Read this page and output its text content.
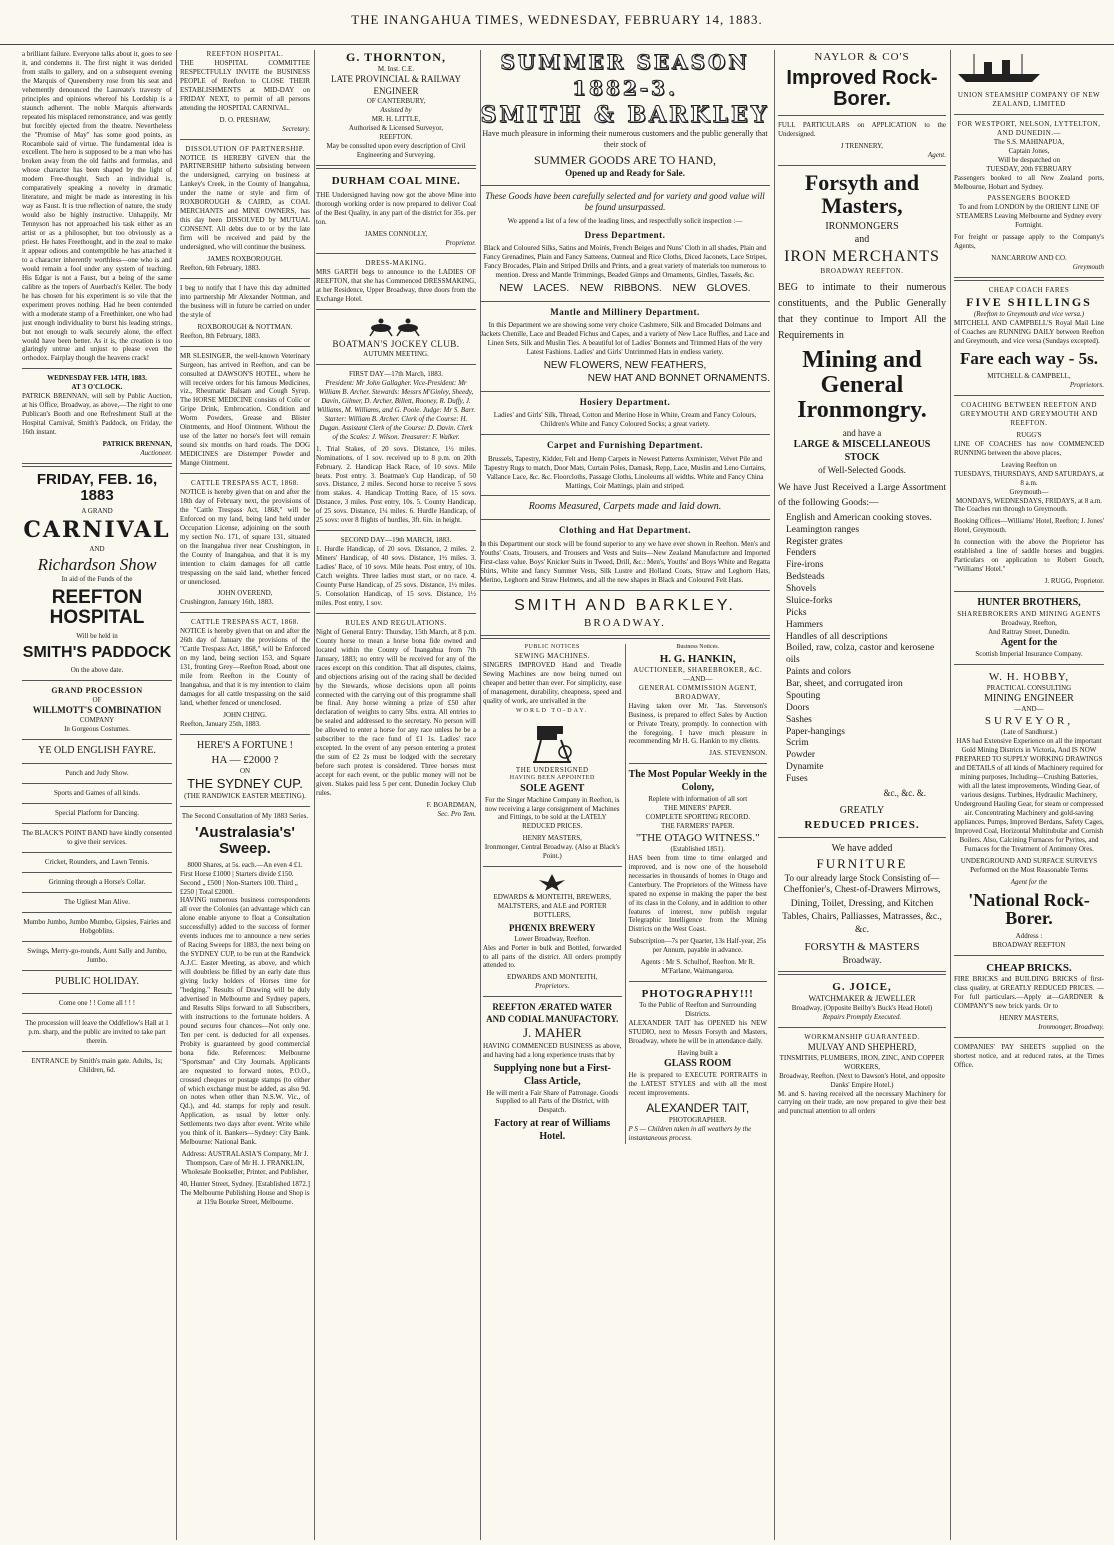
THE INANGAHUA TIMES, WEDNESDAY, FEBRUARY 14, 1883.

a brilliant failure. Everyone talks about it, goes to see it, and condemns it. The first night it was derided from stalls to gallery, and on a subsequent evening the Marquis of Queensberry rose from his seat and vehemently denounced the Laureate's travesty of principles and opinions whereof his Lordship is a staunch adherent. The noble Marquis afterwards repeated his misplaced remonstrance, and was gently but forcibly ejected from the theatre. Nevertheless the "Promise of May" has some good points, as Rocambole said of virtue. The fundamental idea is excellent. The hero is supposed to be a man who has broken away from the old faiths and formulas, and whose character has been shaped by the light of modern Free-thought. Such an individual is, comparatively speaking a novelty in dramatic literature, and might be made as interesting in his way as Faust. It is true reflection of nature, the study would also be highly instructive. Unhappily, Mr Tennyson has not approached his task either as an artist or as a philosopher, but too obviously as a priest. He hates Freethought, and in the zeal to make it appear odious and contemptible he has attached it to a character inherently worthless—one who is and would remain a fool under any system of teaching. His Edgar is not a Faust, but a being of the same calibre as the topers of Auerbach's Keller. The body he has chosen for his experiment is so vile that the experiment proves nothing. Had he been contended with a moderate stamp of a Freethinker, one who had just enough individuality to burst his leading strings, but not enough to walk securely alone, the effect would have been better. As it is, the creation is too glaringly untrue and unjust to please even the orthodox. Fairplay though the heavens crack!

WEDNESDAY FEB. 14TH, 1883.
AT 3 O'CLOCK.

PATRICK BRENNAN, will sell by Public Auction, at his Office, Broadway, as above,—The right to one Publican's Booth and one Refreshment Stall at the Hospital Carnival, Smith's Paddock, on Friday, the 16th instant.

PATRICK BRENNAN,
Auctioneer.
FRIDAY, FEB. 16, 1883
A GRAND
CARNIVAL
AND
Richardson Show
In aid of the Funds of the
REEFTON HOSPITAL
Will be held in
SMITH'S PADDOCK
On the above date.
GRAND PROCESSION
OF
WILLMOTT'S COMBINATION
COMPANY
In Gorgeous Costumes.
YE OLD ENGLISH FAYRE.
Punch and Judy Show.
Sports and Games of all kinds.
Special Platform for Dancing.
The BLACK'S POINT BAND have kindly consented to give their services.
Cricket, Rounders, and Lawn Tennis.
Grinning through a Horse's Collar.
The Ugliest Man Alive.
Mumbo Jumbo, Jumbo Mumbo, Gipsies, Fairies and Hobgoblins.
Swings, Merry-go-rounds, Aunt Sally and Jumbo, Jumbo.
PUBLIC HOLIDAY.
Come one ! ! Come all ! ! !
The procession will leave the Oddfellow's Hall at 1 p.m. sharp, and the public are invited to take part therein.
ENTRANCE by Smith's main gate. Adults, 1s; Children, 6d.
REEFTON HOSPITAL.

THE HOSPITAL COMMITTEE RESPECTFULLY INVITE the BUSINESS PEOPLE of Reefton to CLOSE THEIR ESTABLISHMENTS at MID-DAY on FRIDAY NEXT, to permit of all persons attending the HOSPITAL CARNIVAL.

D. O. PRESHAW,
Secretary.
DISSOLUTION OF PARTNERSHIP.

NOTICE IS HEREBY GIVEN that the PARTNERSHIP hitherto subsisting between the undersigned, carrying on business at Lankey's Creek, in the County of Inangahua, under the name or style and firm of ROXBOROUGH & CAIRD, as COAL MERCHANTS and MINE OWNERS, has this day been DISSOLVED by MUTUAL CONSENT. All debts due to or by the late firm will be received and paid by the undersigned, who will continue the business.

JAMES ROXBOROUGH.
Reefton, 6th February, 1883.

I beg to notify that I have this day admitted into partnership Mr Alexander Nottman, and the business will in future be carried on under the style of

ROXBOROUGH & NOTTMAN.
Reefton, 8th February, 1883.

MR SLESINGER, the well-known Veterinary Surgeon, has arrived in Reefton, and can be consulted at DAWSON'S HOTEL, where he will receive orders for his famous Medicines, viz., Rheumatic Balsam and Cough Syrup. The HORSE MEDICINE consists of Colic or Gripe Drink, Embrocation, Condition and Worm Powders, Grease and Blister Ointments, and Hoof Ointment. Without the use of the latter no horse's feet will remain sound six months on hard roads. The DOG MEDICINES are Distemper Powder and Mange Ointment.

CATTLE TRESPASS ACT, 1868.

NOTICE is hereby given that on and after the 18th day of February next, the provisions of the "Cattle Trespass Act, 1868," will be Enforced on my land, being land held under Occupation License, adjoining on the south my section No. 171, of square 131, situated on the Inangahua river near Crushington, in the County of Inangahua, and that it is my intention to claim damages for all cattle trespassing on the said land, whether fenced or unenclosed.

JOHN OVEREND,
Crushington, January 16th, 1883.
CATTLE TRESPASS ACT, 1868.

NOTICE is hereby given that on and after the 26th day of January the provisions of the "Cattle Trespass Act, 1868," will be Enforced on my land, being section 153, and Square 131, fronting Grey—Reefton Road, about one mile from Reefton in the County of Inangahua, and that it is my intention to claim damages for all cattle trespassing on the said land, whether fenced or unenclosed.

JOHN CHING.
Reefton, January 25th, 1883.
HERE'S A FORTUNE !
HA — £2000 ?
ON
THE SYDNEY CUP.
(THE RANDWICK EASTER MEETING).
The Second Consultation of My 1883 Series.
'Australasia's' Sweep.
8000 Shares, at 5s. each.—An even 4 £1.
First Horse £1000 | Starters divide £150. Second „ £500 | Non-Starters 100. Third „ £250 | Total £2000.

HAVING numerous business correspondents all over the Colonies (an advantage which can alone enable anyone to float a Consultation successfully) added to the success of former events induces me to announce a new series of Racing Sweeps for 1883, the next being on the SYDNEY CUP, to be run at the Randwick A.J.C. Easter Meeting, as above, and which will doubtless be filled by an early date thus giving lucky holders of Horses time for "hedging." Results of Drawing will be duly advertised in Melbourne and Sydney papers, and Results Slips forward to all Subscribers, with instructions to the fortunate holders. A pound secures four chances—Not only one. Ten per cent. is deducted for all expenses. Probity is guaranteed by good commercial bona fide. References: Melbourne "Sportsman" and City Journals. Applicants are requested to forward notes, P.O.O., crossed cheques or postage stamps (to either of which exchange must be added, as also 9d. on notes when other than N.S.W. Vic., of Qd.), and 4d. stamps for reply and result. Application, as usual by letter only. Settlements two days after event. Write while you think of it. Bankers—Sydney: City Bank. Melbourne: National Bank.

Address: AUSTRALASIA'S Company, Mr J. Thompson, Care of Mr H. J. FRANKLIN, Wholesale Bookseller, Printer, and Publisher,

40, Hunter Street, Sydney. [Established 1872.] The Melbourne Publishing House and Shop is at 119a Bourke Street, Melbourne.

G. THORNTON,
M. Inst. C.E.
LATE PROVINCIAL & RAILWAY ENGINEER
OF CANTERBURY,
Assisted by
MR. H. LITTLE,
Authorised & Licensed Surveyor,
REEFTON.

May be consulted upon every description of Civil Engineering and Surveying.

DURHAM COAL MINE.

THE Undersigned having now got the above Mine into thorough working order is now prepared to deliver Coal of the Best Quality, in any part of the district for 35s. per ton.

JAMES CONNOLLY,
Proprietor.
DRESS-MAKING.

MRS GARTH begs to announce to the LADIES OF REEFTON, that she has Commenced DRESSMAKING, at her Residence, Upper Broadway, three doors from the Exchange Hotel.

BOATMAN'S JOCKEY CLUB.
AUTUMN MEETING.
FIRST DAY—17th March, 1883.

President: Mr John Gallagher. Vice-President: Mr William B. Archer. Stewards: Messrs M'Ginley, Sheedy, Davin, Gilmer, D. Archer, Billett, Rooney, R. Duffy, J. Williams, M. Williams, and G. Poole. Judge: Mr S. Barr. Starter: William B. Archer. Clerk of the Course: H. Dugan. Assistant Clerk of the Course: D. Davin. Clerk of the Scales: J. Wilson. Treasurer: F. Walker.

1. Trial Stakes, of 20 sovs. Distance, 1½ miles. Nominations, of 1 sov. received up to 8 p.m. on 20th February. 2. Handicap Hack Race, of 10 sovs. Mile heats. Post entry. 3. Boatman's Cup Handicap, of 50 sovs. Distance, 2 miles. Second horse to receive 5 sovs from stakes. 4. Handicap Trotting Race, of 15 sovs. Distance, 3 miles. Post entry, 10s. 5. County Handicap, of 25 sovs. Distance, 1¼ miles. 6. Hurdle Handicap, of 25 sovs: over 8 flights of hurdles, 3ft. 6in. in height.

SECOND DAY—19th MARCH, 1883.

1. Hurdle Handicap, of 20 sovs. Distance, 2 miles. 2. Miners' Handicap, of 40 sovs. Distance, 1½ miles. 3. Ladies' Race, of 10 sovs. Mile heats. Post entry, of 10s. Catch weights. Three ladies must start, or no race. 4. County Purse Handicap, of 25 sovs. Distance, 1½ miles. 5. Consolation Handicap, of 15 sovs. Distance, 1½ miles. Post entry, 1 sov.

RULES AND REGULATIONS.

Night of General Entry: Thursday, 15th March, at 8 p.m. County horse to mean a horse bona fide owned and located within the County of Inangahua from 7th January, 1883; no entry will be received for any of the races except on this condition. That all disputes, claims, and objections arising out of the racing shall be decided by the Stewards, whose decisions upon all points connected with the carrying out of this programme shall be final. Any horse winning a prize of £50 after declaration of weights to carry 5lbs. extra. All entries to be sealed and addressed to the secretary. No person will be allowed to enter a horse for any race unless he be a subscriber to the race fund of £1 1s. Ladies' race excepted. In the event of any person entering a protest the sum of £2 2s must be lodged with the secretary before such protest is considered. Three horses must accept for each event, or the public money will not be given. Stakes paid less 5 per cent. Dunedin Jockey Club rules.

F. BOARDMAN,
Sec. Pro Tem.
SUMMER SEASON 1882-3.
SMITH & BARKLEY
Have much pleasure in informing their numerous customers and the public generally that their stock of
SUMMER GOODS ARE TO HAND,
Opened up and Ready for Sale.
These Goods have been carefully selected and for variety and good value will be found unsurpassed.
We append a list of a few of the leading lines, and respectfully solicit inspection :—
Dress Department.

Black and Coloured Silks, Satins and Moirés, French Beiges and Nuns' Cloth in all shades, Plain and Fancy Grenadines, Plain and Fancy Satteens, Oatmeal and Rice Cloths, Diced Jaconets, Lace Stripes, Fancy Brocades, Plain and Striped Drills and Prints, and a great variety of materials too numerous to mention. Dress and Mantle Trimmings, Beaded Gimps and Ornaments, Girdles, Tassels, &c.

NEW LACES. NEW RIBBONS. NEW GLOVES.
Mantle and Millinery Department.

In this Department we are showing some very choice Cashmere, Silk and Brocaded Dolmans and Jackets Chenille, Lace and Beaded Fichus and Capes, and a variety of New Lace Ruffles, and Lace and Linen Sets, Silk and Muslin Ties. A beautiful lot of Ladies' Bonnets and Trimmed Hats of the very Latest Fashions. Ladies' and Girls' Untrimmed Hats in endless variety.

NEW FLOWERS, NEW FEATHERS,
NEW HAT AND BONNET ORNAMENTS.
Hosiery Department.

Ladies' and Girls' Silk, Thread, Cotton and Merino Hose in White, Cream and Fancy Colours, Children's White and Fancy Coloured Socks; a great variety.

Carpet and Furnishing Department.

Brussels, Tapestry, Kidder, Felt and Hemp Carpets in Newest Patterns Axminister, Velvet Pile and Tapestry Rugs to match, Door Mats, Curtain Poles, Damask, Repp, Lace, Muslin and Leno Curtains, Vallance Lace, &c. &c. Floorcloths, Passage Cloths, Linoleums all widths. White and Fancy China Mattings, Coir Mattings, plain and striped.

Rooms Measured, Carpets made and laid down.
Clothing and Hat Department.

In this Department our stock will be found superior to any we have ever shown in Reefton. Men's and Youths' Coats, Trousers, and Trousers and Vests and Suits—New Zealand Manufacture and Imported First-class value. Boys' Knicker Suits in Tweed, Drill, &c.: Men's, Youths' and Boys White and Regatta Shirts, White and fancy Summer Vests, Silk Lustre and Holland Coats, Straw and Leghorn Hats, Merino, Leghorn and Straw Helmets, and all the new shapes in Black and Coloured Felt Hats.

SMITH AND BARKLEY.
BROADWAY.
PUBLIC NOTICES
SEWING MACHINES.

SINGERS IMPROVED Hand and Treadle Sewing Machines are now being turned out cheaper and better than ever. For simplicity, ease of management, durability, cheapness, speed and quality of work, are unrivalled in the

WORLD TO-DAY.
THE UNDERSIGNED
HAVING BEEN APPOINTED
SOLE AGENT

For the Singer Machine Company in Reefton, is now receiving a large consignment of Machines and Fittings, to be sold at the LATELY REDUCED PRICES.

HENRY MASTERS,
Ironmonger, Central Broadway. (Also at Black's Point.)

EDWARDS & MONTEITH, BREWERS, MALTSTERS, and ALE and PORTER BOTTLERS,

PHŒNIX BREWERY
Lower Broadway, Reefton.

Ales and Porter in bulk and Bottled, forwarded to all parts of the district. All orders promptly attended to.

EDWARDS AND MONTEITH,
Proprietors.
REEFTON ÆRATED WATER AND CODIAL MANUFACTORY.
J. MAHER

HAVING COMMENCED BUSINESS as above, and having had a long experience trusts that by

Supplying none but a First-Class Article,

He will merit a Fair Share of Patronage. Goods Supplied to all Parts of the District, with Despatch.

Factory at rear of Williams Hotel.
Business Notices.
H. G. HANKIN,
AUCTIONEER, SHAREBROKER, &C.
—AND—
GENERAL COMMISSION AGENT, BROADWAY,

Having taken over Mr. 'Jas. Stevenson's Business, is prepared to effect Sales by Auction or Private Treaty, promptly. In connection with the foregoing, I have much pleasure in recommending Mr H. G. Hankin to my clients.

JAS. STEVENSON.
The Most Popular Weekly in the Colony,
Replete with information of all sort
THE MINERS' PAPER.
COMPLETE SPORTING RECORD.
THE FARMERS' PAPER.
"THE OTAGO WITNESS."
(Established 1851).

HAS been from time to time enlarged and improved, and is now one of the household necessaries in thousands of homes in Otago and Canterbury. The Proprietors of the Witness have spared no expense in making the paper the best of its class in the Colony, and in addition to other features of interest, now publish regular Telegraphic Intelligence from the Mining Districts on the West Coast.

Subscription—7s per Quarter, 13s Half-year, 25s per Annum, payable in advance.

Agents : Mr S. Schulhof, Reefton. Mr R. M'Farlane, Waimangaroa.

PHOTOGRAPHY!!!
To the Public of Reefton and Surrounding Districts.

ALEXANDER TAIT has OPENED his NEW STUDIO, next to Messrs Forsyth and Masters, Broadway, where he will be in attendance daily.

Having built a
GLASS ROOM

He is prepared to EXECUTE PORTRAITS in the LATEST STYLES and with all the most recent improvements.

ALEXANDER TAIT,
PHOTOGRAPHER.
P S — Children taken in all weathers by the instantaneous process.
NAYLOR & CO'S
Improved Rock-Borer.

FULL PARTICULARS on APPLICATION to the Undersigned.

J TRENNERY,
Agent.
Forsyth and Masters,
IRONMONGERS
and
IRON MERCHANTS
BROADWAY REEFTON.

BEG to intimate to their numerous constituents, and the Public Generally that they continue to Import All the Requirements in

Mining and General Ironmongry.
and have a
LARGE & MISCELLANEOUS STOCK
of Well-Selected Goods.

We have Just Received a Large Assortment of the following Goods:—

English and American cooking stoves.
Leamington ranges
Register grates
Fenders
Fire-irons
Bedsteads
Shovels
Sluice-forks
Picks
Hammers
Handles of all descriptions
Boiled, raw, colza, castor and kerosene oils
Paints and colors
Bar, sheet, and corrugated iron
Spouting
Doors
Sashes
Paper-hangings
Scrim
Powder
Dynamite
Fuses
&c., &c. &.
GREATLY
REDUCED PRICES.
We have added
FURNITURE
To our already large Stock Consisting of—

Cheffonier's, Chest-of-Drawers Mirrows, Dining, Toilet, Dressing, and Kitchen Tables, Chairs, Palliasses, Matrasses, &c., &c.

FORSYTH & MASTERS
Broadway.
G. JOICE,
WATCHMAKER & JEWELLER
Broadway, (Opposite Beilby's Buck's Head Hotel)
Repairs Promptly Executed.
WORKMANSHIP GUARANTEED.
MULVAY AND SHEPHERD,
TINSMITHS, PLUMBERS, IRON, ZINC, AND COPPER WORKERS,
Broadway, Reefton. (Next to Dawson's Hotel, and opposite Danks' Empire Hotel.)

M. and S. having received all the necessary Machinery for carrying on their trade, are now prepared to give their best and punctual attention to all orders

UNION STEAMSHIP COMPANY OF NEW ZEALAND, LIMITED

FOR WESTPORT, NELSON, LYTTELTON, AND DUNEDIN.—
The S.S. MAHINAPUA,
Captain Jones,
Will be despatched on
TUESDAY, 20th FEBRUARY

Passengers booked to all New Zealand ports, Melbourne, Hobart and Sydney.

PASSENGERS BOOKED

To and from LONDON by the ORIENT LINE OF STEAMERS Leaving Melbourne and Sydney every Fortnight.

For freight or passage apply to the Company's Agents,

NANCARROW AND CO.
Greymouth
CHEAP COACH FARES
FIVE SHILLINGS
(Reefton to Greymouth and vice versa.)

MITCHELL AND CAMPBELL'S Royal Mail Line of Coaches are RUNNING DAILY between Reefton and Greymouth, and vice versa (Sundays excepted).

Fare each way - 5s.
MITCHELL & CAMPBELL,
Proprietors.

COACHING BETWEEN REEFTON AND GREYMOUTH AND GREYMOUTH AND REEFTON.

RUGG'S

LINE OF COACHES has now COMMENCED RUNNING between the above places,

Leaving Reefton on
TUESDAYS, THURSDAYS, AND SATURDAYS, at 8 a.m.
Greymouth—
MONDAYS, WEDNESDAYS, FRIDAYS, at 8 a.m.

The Coaches run through to Greymouth.

Booking Offices—Williams' Hotel, Reefton; J. Jones' Hotel, Greymouth.

In connection with the above the Proprietor has established a line of saddle horses and buggies. Particulars on application to Robert Gouch, "Williams' Hotel."

J. RUGG, Proprietor.
HUNTER BROTHERS,
SHAREBROKERS AND MINING AGENTS
Broadway, Reefton,
And Rattray Street, Dunedin.
Agent for the
Scottish Imperial Insurance Company.
W. H. HOBBY,
PRACTICAL CONSULTING
MINING ENGINEER
—AND—
SURVEYOR,
(Late of Sandhurst.)

HAS had Extensive Experience on all the important Gold Mining Districts in Victoria, And IS NOW PREPARED TO SUPPLY WORKING DRAWINGS and DETAILS of all kinds of Machinery required for mining purposes, Including—Crushing Batteries, with all the latest improvements, Winding Gear, of various designs. Turbines, Hydraulic Machinery, Underground Hauling Gear, for steam or compressed air. Concentrating Machinery and gold-saving appliances. Pumps, Improved Berdans, Safety Cages, Improved Coal, Horizontal Multitubular and Cornish Boilers. Also, Calcining Furnaces for Pyrites, and Furnaces for the Treatment of Antimony Ores.

UNDERGROUND AND SURFACE SURVEYS Performed on the Most Reasonable Terms

Agent for the
'National Rock-Borer.
Address :
BROADWAY REEFTON
CHEAP BRICKS.

FIRE BRICKS and BUILDING BRICKS of first-class quality, at GREATLY REDUCED PRICES. —For full particulars.—Apply at—GARDNER & COMPANY'S new brick yards. Or to

HENRY MASTERS,
Ironmonger, Broadway.

COMPANIES' PAY SHEETS supplied on the shortest notice, and at reduced rates, at the Times Office.
